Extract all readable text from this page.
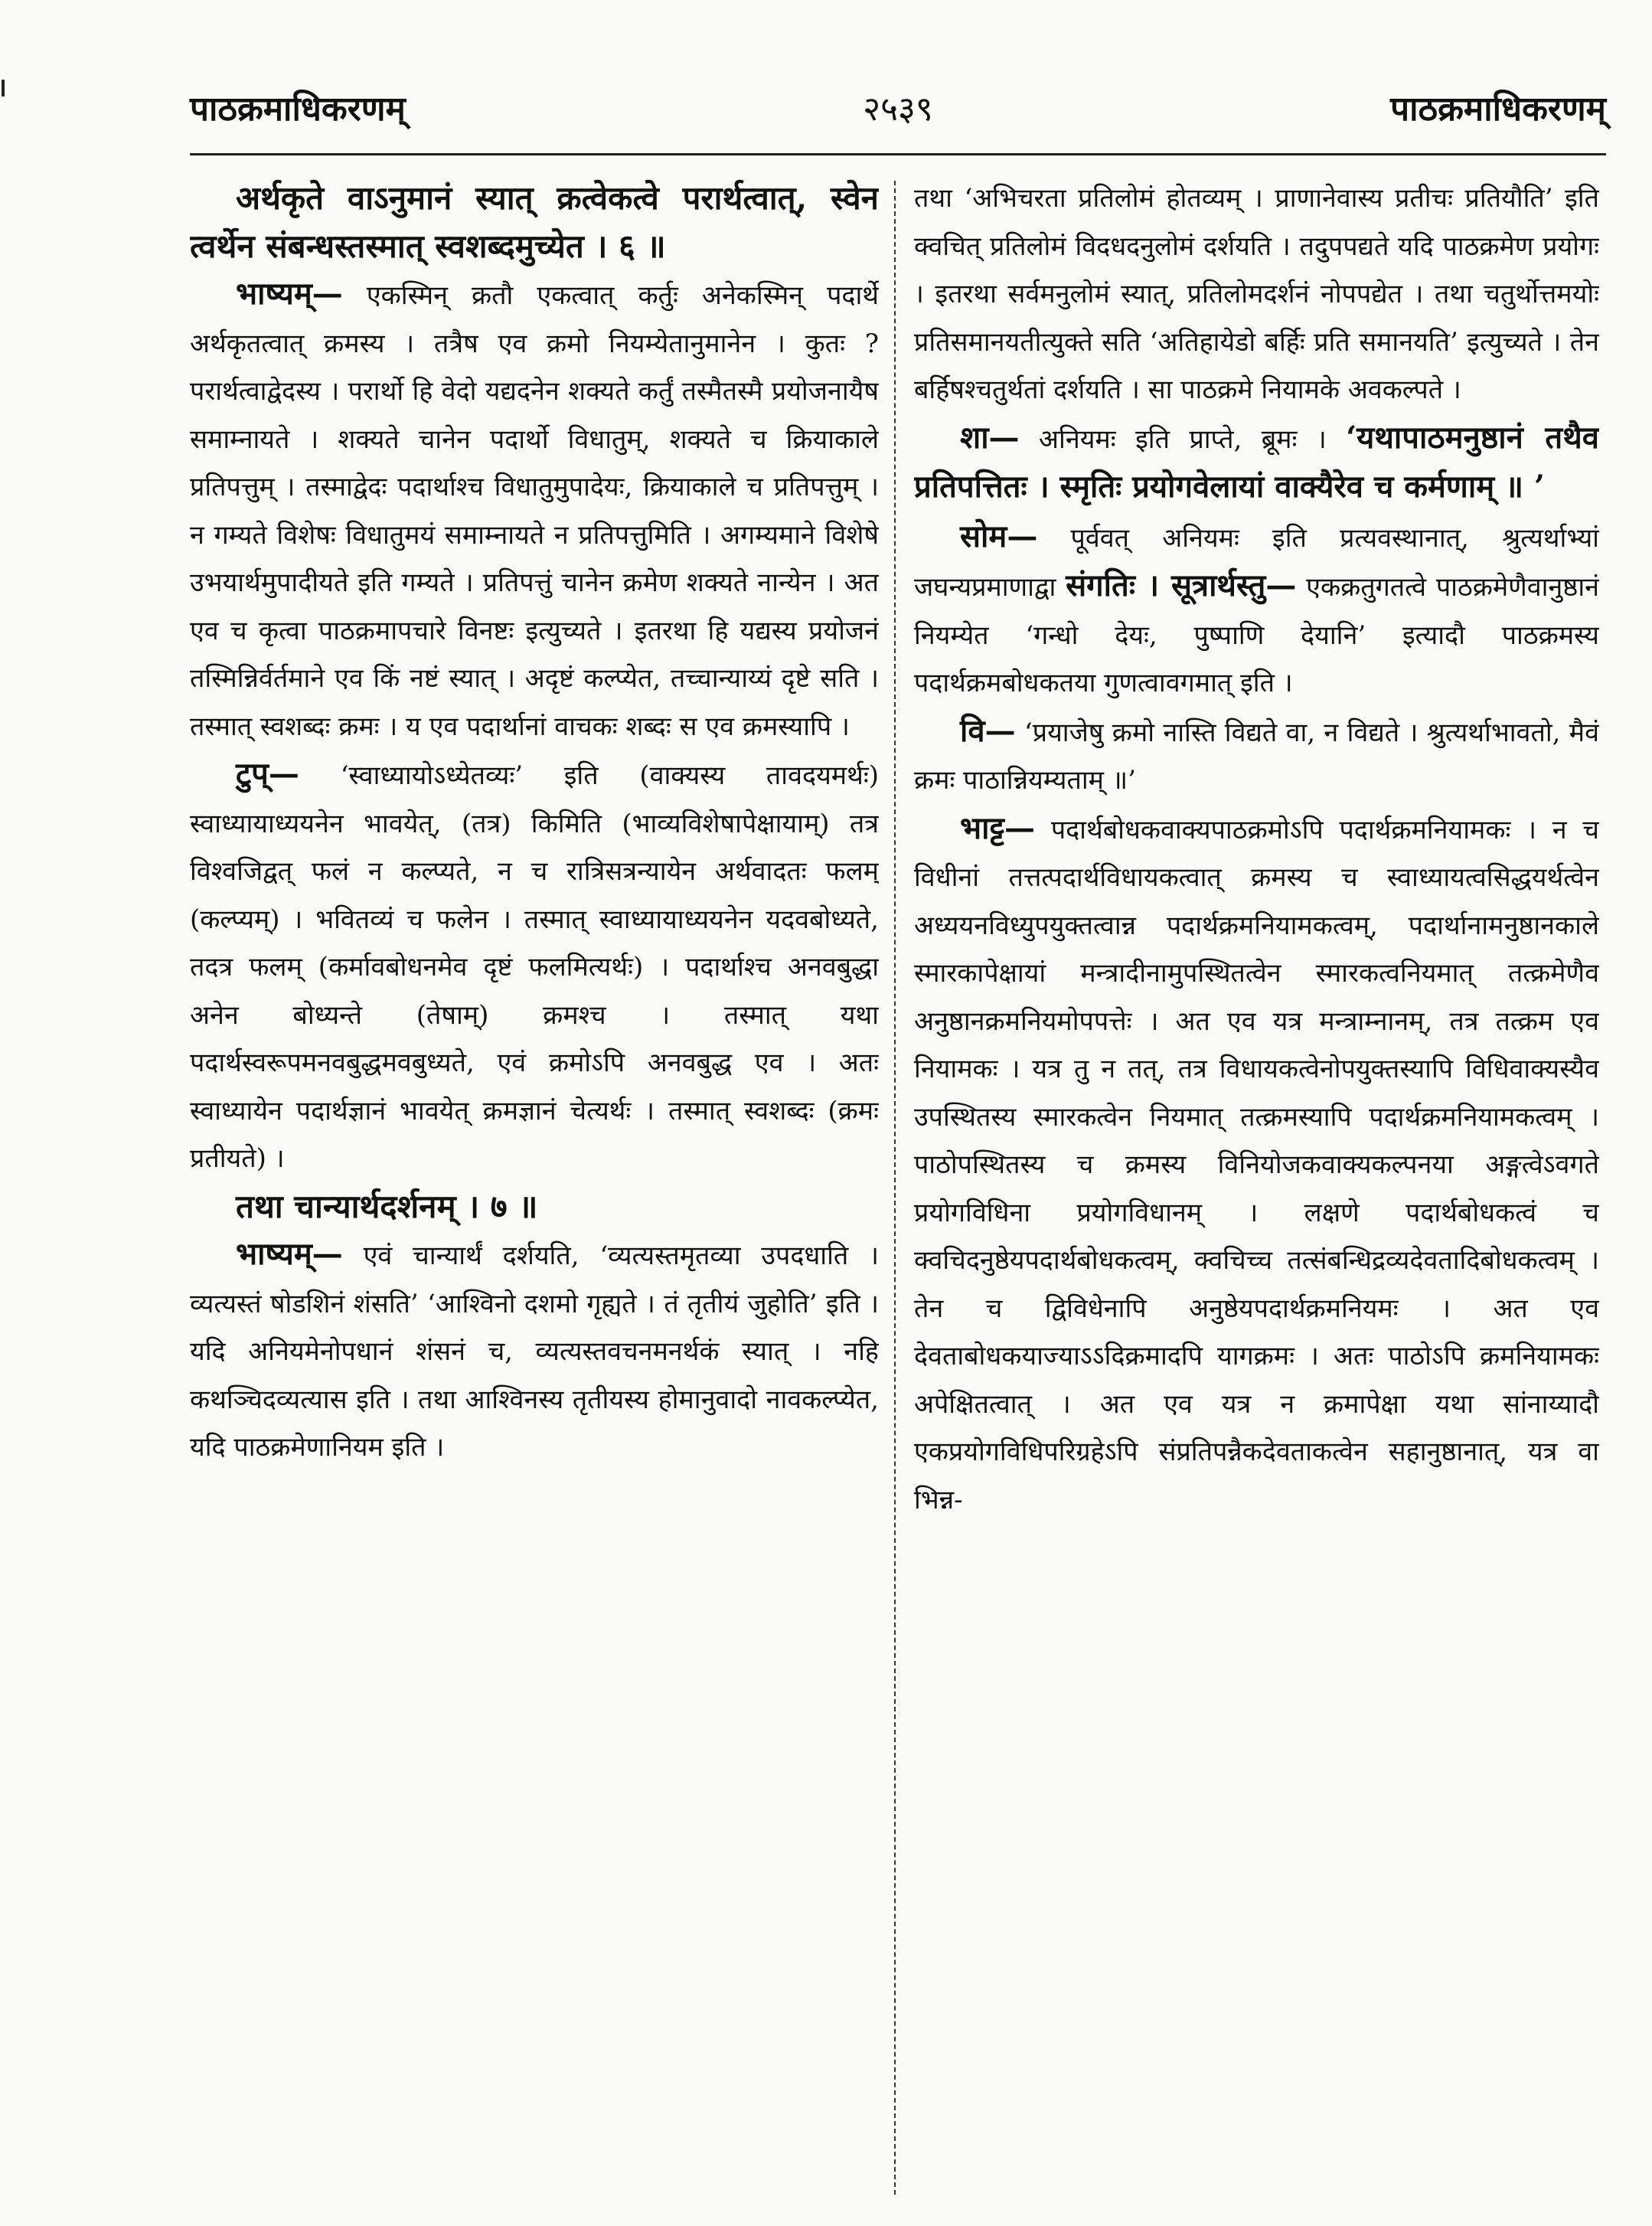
पाठक्रमाधिकरणम्	२५३९	पाठक्रमाधिकरणम्

अर्थकृते वाऽनुमानं स्यात् क्रत्वेकत्वे परार्थत्वात्, स्वेन त्वर्थेन संबन्धस्तस्मात् स्वशब्दमुच्येत । ६ ॥

भाष्यम्— एकस्मिन् क्रतौ एकत्वात् कर्तुः अनेकस्मिन् पदार्थे अर्थकृतत्वात् क्रमस्य । तत्रैष एव क्रमो नियम्येतानुमानेन । कुतः ? परार्थत्वाद्वेदस्य । परार्थो हि वेदो यद्यदनेन शक्यते कर्तुं तस्मैतस्मै प्रयोजनायैष समाम्नायते । शक्यते चानेन पदार्थो विधातुम्, शक्यते च क्रियाकाले प्रतिपत्तुम् । तस्माद्वेदः पदार्थाश्च विधातुमुपादेयः, क्रियाकाले च प्रतिपत्तुम् । न गम्यते विशेषः विधातुमयं समाम्नायते न प्रतिपत्तुमिति । अगम्यमाने विशेषे उभयार्थमुपादीयते इति गम्यते । प्रतिपत्तुं चानेन क्रमेण शक्यते नान्येन । अत एव च कृत्वा पाठक्रमापचारे विनष्टः इत्युच्यते । इतरथा हि यद्यस्य प्रयोजनं तस्मिन्निर्वर्तमाने एव किं नष्टं स्यात् । अदृष्टं कल्प्येत, तच्चान्याय्यं दृष्टे सति । तस्मात् स्वशब्दः क्रमः । य एव पदार्थानां वाचकः शब्दः स एव क्रमस्यापि ।

टुप्— ‘स्वाध्यायोऽध्येतव्यः’ इति (वाक्यस्य तावदयमर्थः) स्वाध्यायाध्ययनेन भावयेत्, (तत्र) किमिति (भाव्यविशेषापेक्षायाम्) तत्र विश्वजिद्वत् फलं न कल्प्यते, न च रात्रिसत्रन्यायेन अर्थवादतः फलम् (कल्प्यम्) । भवितव्यं च फलेन । तस्मात् स्वाध्यायाध्ययनेन यदवबोध्यते, तदत्र फलम् (कर्मावबोधनमेव दृष्टं फलमित्यर्थः) । पदार्थाश्च अनवबुद्धा अनेन बोध्यन्ते (तेषाम्) क्रमश्च । तस्मात् यथा पदार्थस्वरूपमनवबुद्धमवबुध्यते, एवं क्रमोऽपि अनवबुद्ध एव । अतः स्वाध्यायेन पदार्थज्ञानं भावयेत् क्रमज्ञानं चेत्यर्थः । तस्मात् स्वशब्दः (क्रमः प्रतीयते) ।

तथा चान्यार्थदर्शनम् । ७ ॥

भाष्यम्— एवं चान्यार्थं दर्शयति, ‘व्यत्यस्तमृतव्या उपदधाति । व्यत्यस्तं षोडशिनं शंसति’ ‘आश्विनो दशमो गृह्यते । तं तृतीयं जुहोति’ इति । यदि अनियमेनोपधानं शंसनं च, व्यत्यस्तवचनमनर्थकं स्यात् । नहि कथञ्चिदव्यत्यास इति । तथा आश्विनस्य तृतीयस्य होमानुवादो नावकल्प्येत, यदि पाठक्रमेणानियम इति ।

तथा ‘अभिचरता प्रतिलोमं होतव्यम् । प्राणानेवास्य प्रतीचः प्रतियौति’ इति क्वचित् प्रतिलोमं विदधदनुलोमं दर्शयति । तदुपपद्यते यदि पाठक्रमेण प्रयोगः । इतरथा सर्वमनुलोमं स्यात्, प्रतिलोमदर्शनं नोपपद्येत । तथा चतुर्थोत्तमयोः प्रतिसमानयतीत्युक्ते सति ‘अतिहायेडो बर्हिः प्रति समानयति’ इत्युच्यते । तेन बर्हिषश्चतुर्थतां दर्शयति । सा पाठक्रमे नियामके अवकल्पते ।

शा— अनियमः इति प्राप्ते, ब्रूमः । ‘यथापाठमनुष्ठानं तथैव प्रतिपत्तितः । स्मृतिः प्रयोगवेलायां वाक्यैरेव च कर्मणाम् ॥ ’

सोम— पूर्ववत् अनियमः इति प्रत्यवस्थानात्, श्रुत्यर्थाभ्यां जघन्यप्रमाणाद्वा संगतिः । सूत्रार्थस्तु— एकक्रतुगतत्वे पाठक्रमेणैवानुष्ठानं नियम्येत ‘गन्धो देयः, पुष्पाणि देयानि’ इत्यादौ पाठक्रमस्य पदार्थक्रमबोधकतया गुणत्वावगमात् इति ।

वि— ‘प्रयाजेषु क्रमो नास्ति विद्यते वा, न विद्यते । श्रुत्यर्थाभावतो, मैवं क्रमः पाठान्नियम्यताम् ॥’

भाट्ट— पदार्थबोधकवाक्यपाठक्रमोऽपि पदार्थक्रमनियामकः । न च विधीनां तत्तत्पदार्थविधायकत्वात् क्रमस्य च स्वाध्यायत्वसिद्धयर्थत्वेन अध्ययनविध्युपयुक्तत्वान्न पदार्थक्रमनियामकत्वम्, पदार्थानामनुष्ठानकाले स्मारकापेक्षायां मन्त्रादीनामुपस्थितत्वेन स्मारकत्वनियमात् तत्क्रमेणैव अनुष्ठानक्रमनियमोपपत्तेः । अत एव यत्र मन्त्राम्नानम्, तत्र तत्क्रम एव नियामकः । यत्र तु न तत्, तत्र विधायकत्वेनोपयुक्तस्यापि विधिवाक्यस्यैव उपस्थितस्य स्मारकत्वेन नियमात् तत्क्रमस्यापि पदार्थक्रमनियामकत्वम् । पाठोपस्थितस्य च क्रमस्य विनियोजकवाक्यकल्पनया अङ्गत्वेऽवगते प्रयोगविधिना प्रयोगविधानम् । लक्षणे पदार्थबोधकत्वं च क्वचिदनुष्ठेयपदार्थबोधकत्वम्, क्वचिच्च तत्संबन्धिद्रव्यदेवतादिबोधकत्वम् । तेन च द्विविधेनापि अनुष्ठेयपदार्थक्रमनियमः । अत एव देवताबोधकयाज्याऽऽदिक्रमादपि यागक्रमः । अतः पाठोऽपि क्रमनियामकः अपेक्षितत्वात् । अत एव यत्र न क्रमापेक्षा यथा सांनाय्यादौ एकप्रयोगविधिपरिग्रहेऽपि संप्रतिपन्नैकदेवताकत्वेन सहानुष्ठानात्, यत्र वा भिन्न-
